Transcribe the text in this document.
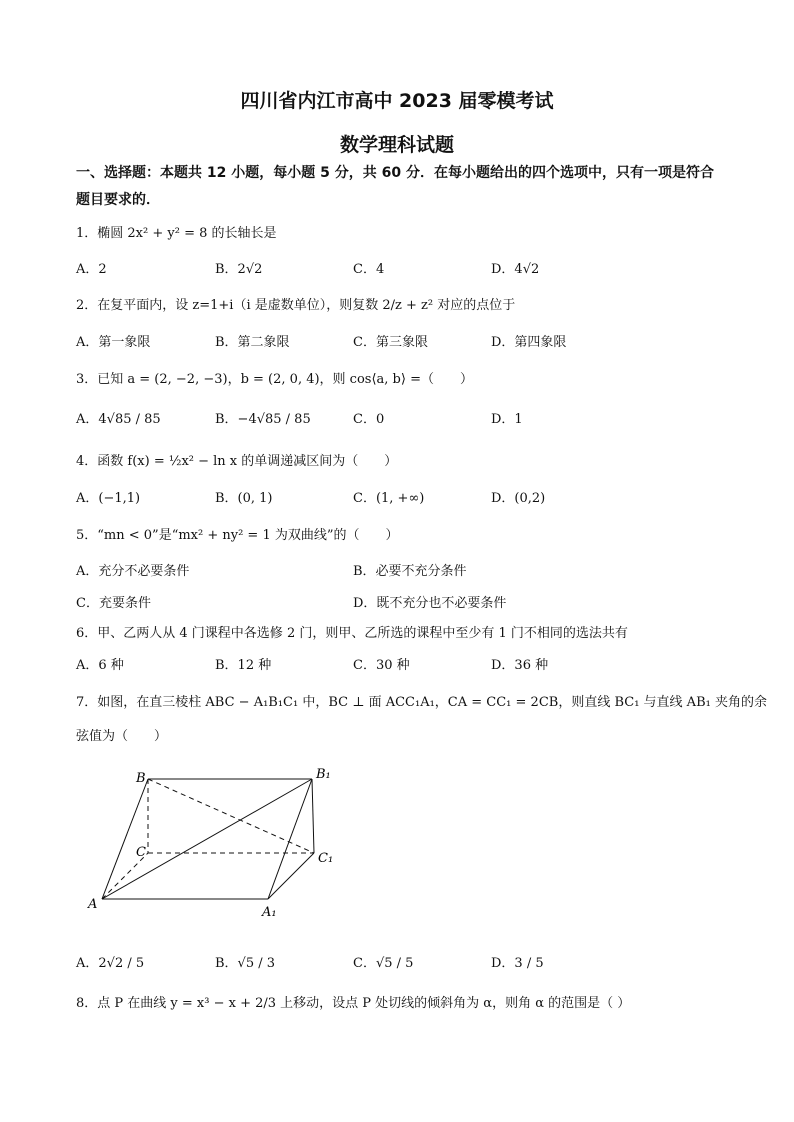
四川省内江市高中 2023 届零模考试
数学理科试题
一、选择题：本题共 12 小题，每小题 5 分，共 60 分．在每小题给出的四个选项中，只有一项是符合题目要求的．
1．椭圆 2x² + y² = 8 的长轴长是
A．2	B．2√2	C．4	D．4√2
2．在复平面内，设 z=1+i（i 是虚数单位），则复数 2/z + z² 对应的点位于
A．第一象限	B．第二象限	C．第三象限	D．第四象限
3．已知 a = (2, −2, −3)，b = (2, 0, 4)，则 cos⟨a, b⟩ =（　　）
A．4√85 / 85	B．−4√85 / 85	C．0	D．1
4．函数 f(x) = ½x² − ln x 的单调递减区间为（　　）
A．(−1,1)	B．(0, 1)	C．(1, +∞)	D．(0,2)
5．“mn < 0”是“mx² + ny² = 1 为双曲线”的（　　）
A．充分不必要条件	B．必要不充分条件
C．充要条件	D．既不充分也不必要条件
6．甲、乙两人从 4 门课程中各选修 2 门，则甲、乙所选的课程中至少有 1 门不相同的选法共有
A．6 种	B．12 种	C．30 种	D．36 种
7．如图，在直三棱柱 ABC − A₁B₁C₁ 中，BC ⊥ 面 ACC₁A₁，CA = CC₁ = 2CB，则直线 BC₁ 与直线 AB₁ 夹角的余
弦值为（　　）
B	B₁
C	C₁
A
A₁
A．2√2 / 5	B．√5 / 3	C．√5 / 5	D．3 / 5
8．点 P 在曲线 y = x³ − x + 2/3 上移动，设点 P 处切线的倾斜角为 α，则角 α 的范围是（ ）
